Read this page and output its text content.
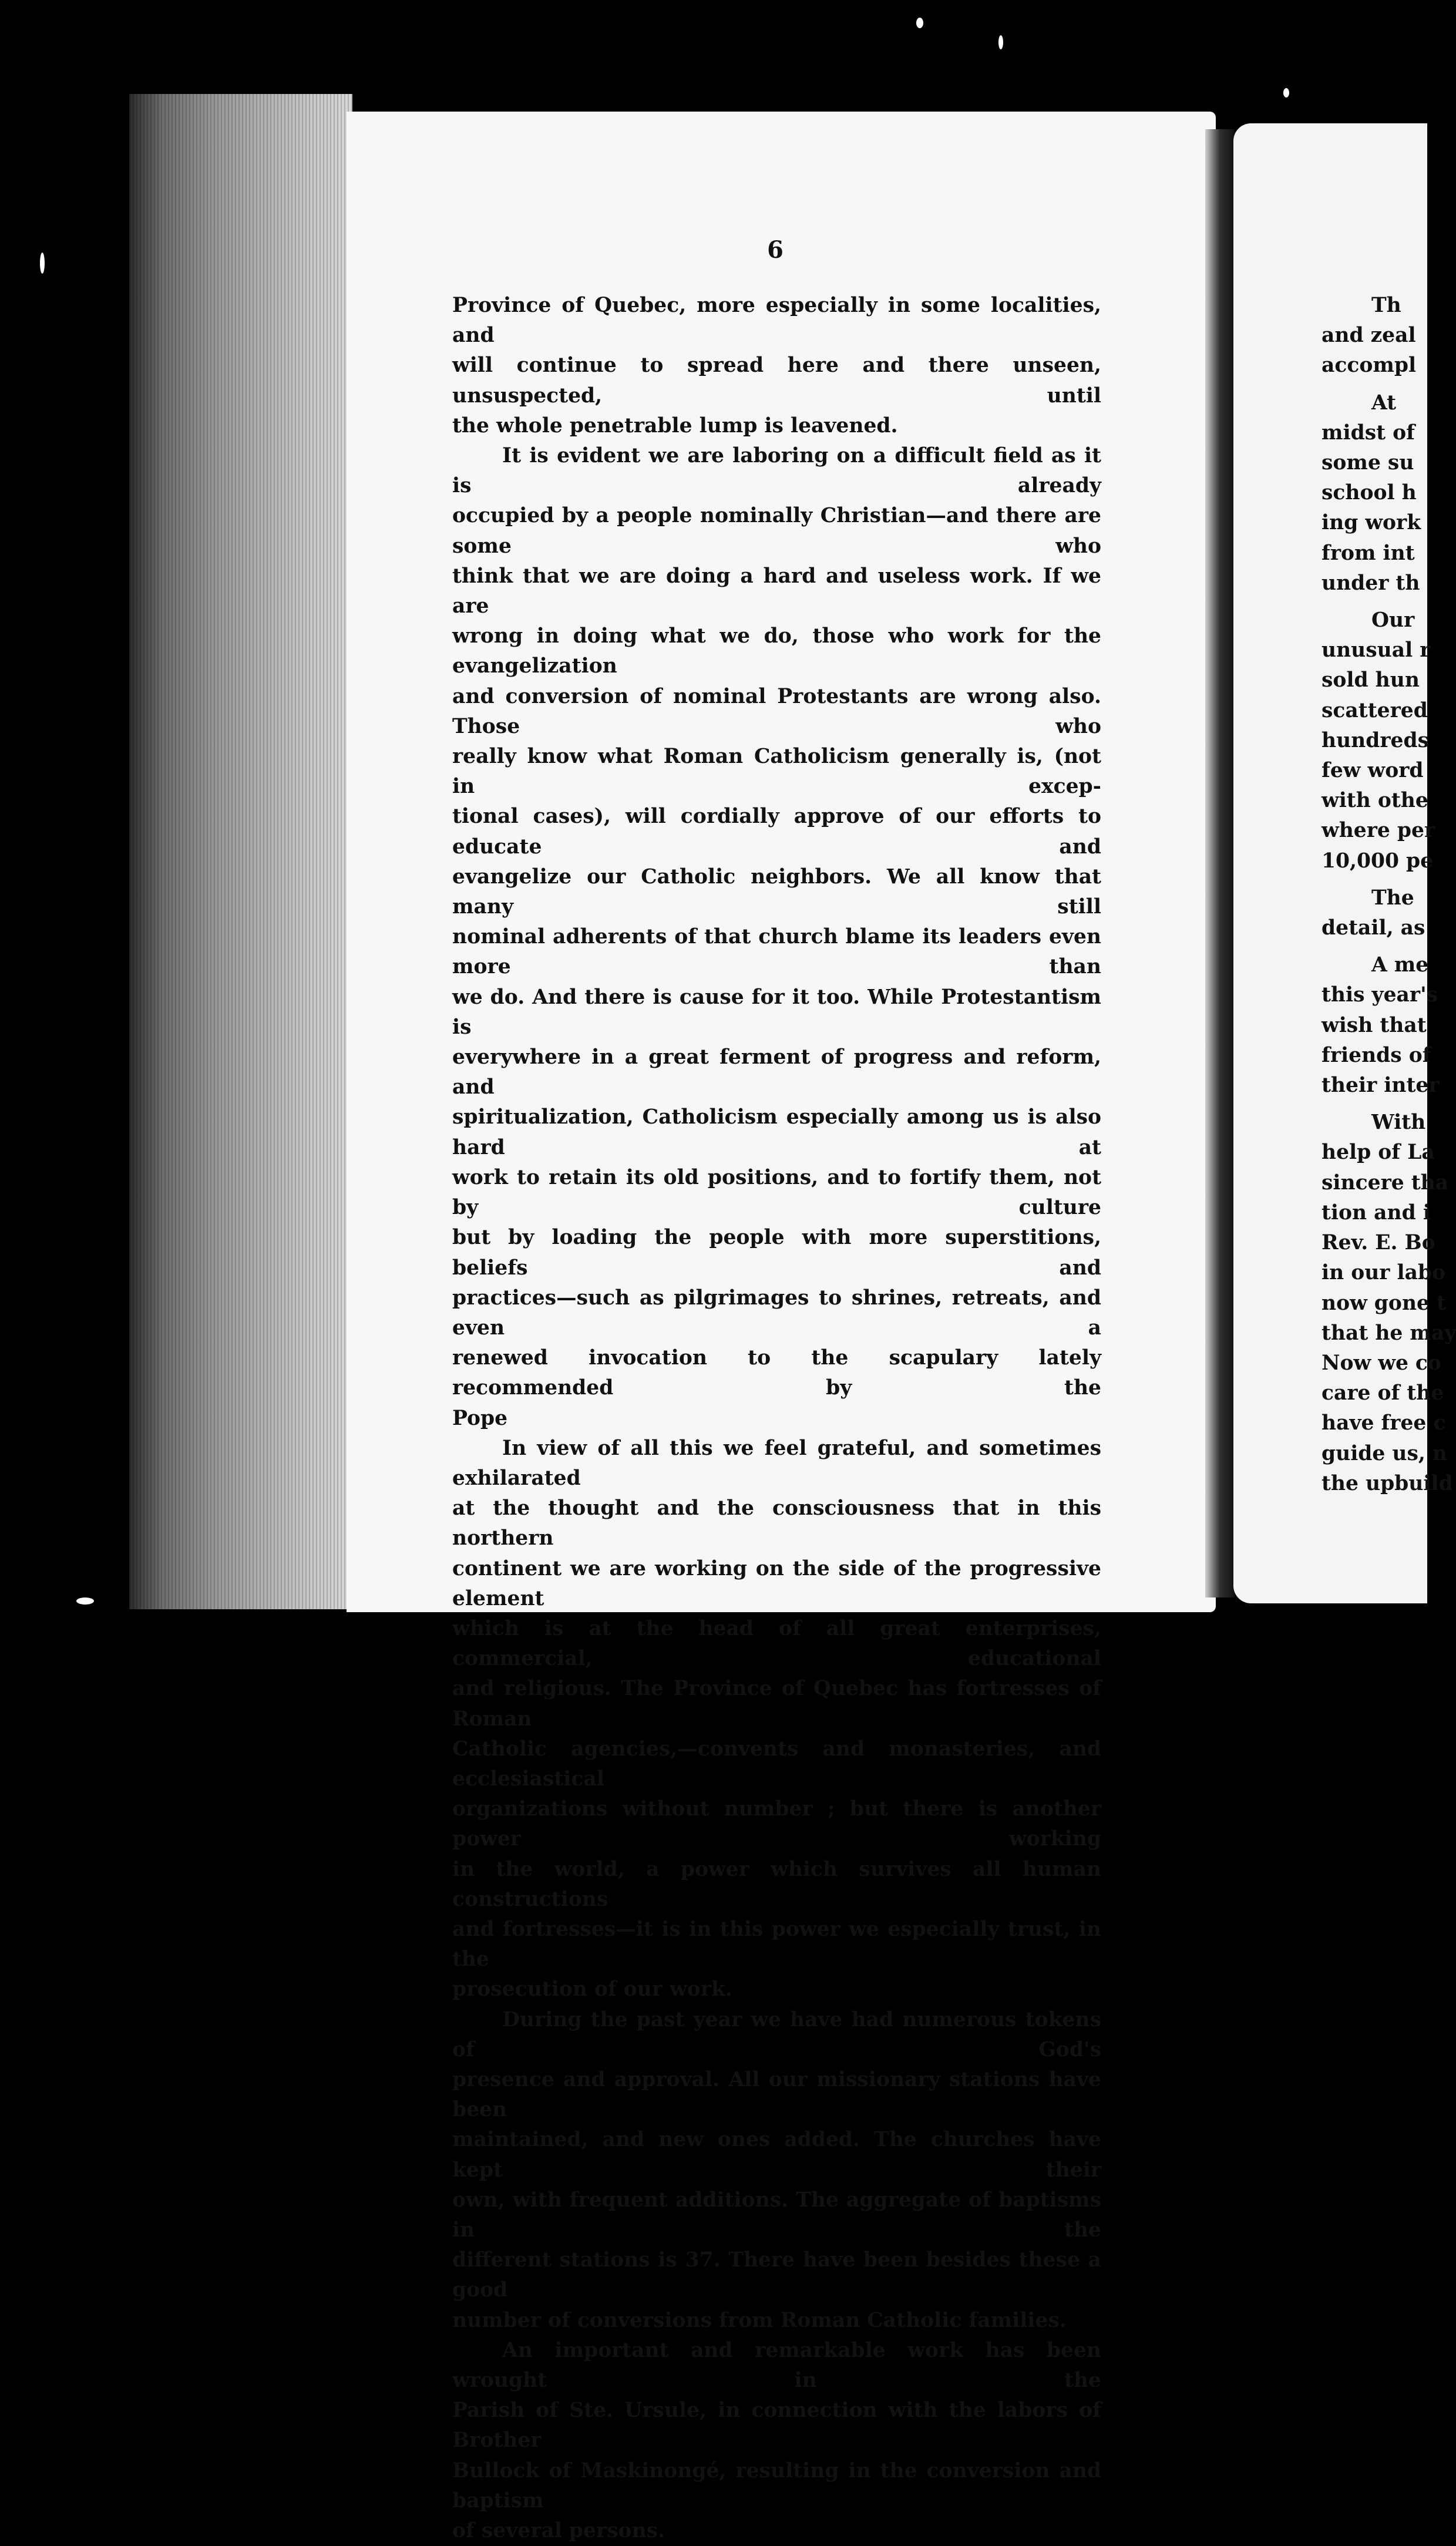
6
Province of Quebec, more especially in some localities, and
will continue to spread here and there unseen, unsuspected, until
the whole penetrable lump is leavened.
It is evident we are laboring on a difficult field as it is already
occupied by a people nominally Christian—and there are some who
think that we are doing a hard and useless work. If we are
wrong in doing what we do, those who work for the evangelization
and conversion of nominal Protestants are wrong also. Those who
really know what Roman Catholicism generally is, (not in excep-
tional cases), will cordially approve of our efforts to educate and
evangelize our Catholic neighbors. We all know that many still
nominal adherents of that church blame its leaders even more than
we do. And there is cause for it too. While Protestantism is
everywhere in a great ferment of progress and reform, and
spiritualization, Catholicism especially among us is also hard at
work to retain its old positions, and to fortify them, not by culture
but by loading the people with more superstitions, beliefs and
practices—such as pilgrimages to shrines, retreats, and even a
renewed invocation to the scapulary lately recommended by the
Pope
In view of all this we feel grateful, and sometimes exhilarated
at the thought and the consciousness that in this northern
continent we are working on the side of the progressive element
which is at the head of all great enterprises, commercial, educational
and religious. The Province of Quebec has fortresses of Roman
Catholic agencies,—convents and monasteries, and ecclesiastical
organizations without number ; but there is another power working
in the world, a power which survives all human constructions
and fortresses—it is in this power we especially trust, in the
prosecution of our work.
During the past year we have had numerous tokens of God's
presence and approval. All our missionary stations have been
maintained, and new ones added. The churches have kept their
own, with frequent additions. The aggregate of baptisms in the
different stations is 37. There have been besides these a good
number of conversions from Roman Catholic families.
An important and remarkable work has been wrought in the
Parish of Ste. Ursule, in connection with the labors of Brother
Bullock of Maskinongé, resulting in the conversion and baptism
of several persons.
Th
and zeal
accompl
At
midst of
some su
school h
ing work
from int
under th
Our
unusual r
sold hun
scattered
hundreds
few word
with othe
where per
10,000 pe
The
detail, as
A me
this year's
wish that
friends of
their inter
With
help of La
sincere tha
tion and i
Rev. E. Bo
in our labo
now gone t
that he may
Now we co
care of the
have free c
guide us, n
the upbuild
